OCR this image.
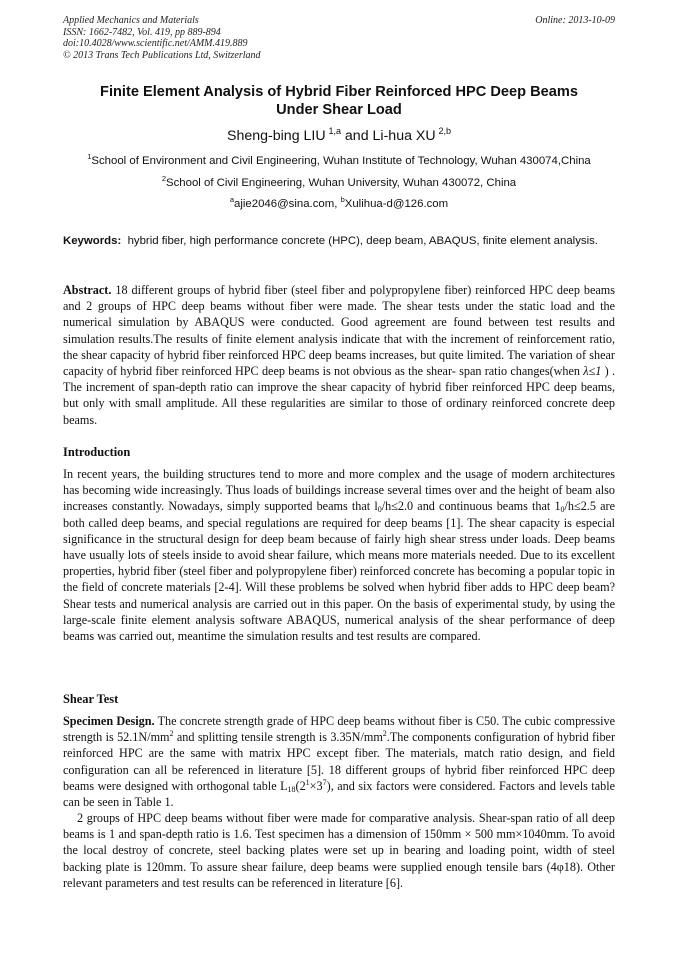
Applied Mechanics and Materials
ISSN: 1662-7482, Vol. 419, pp 889-894
doi:10.4028/www.scientific.net/AMM.419.889
© 2013 Trans Tech Publications Ltd, Switzerland
Online: 2013-10-09
Finite Element Analysis of Hybrid Fiber Reinforced HPC Deep Beams
Under Shear Load
Sheng-bing LIU  $^{1,a}$ and Li-hua XU  $^{2,b}$
$^1$School of Environment and Civil Engineering, Wuhan Institute of Technology, Wuhan 430074,China
$^2$School of Civil Engineering, Wuhan University, Wuhan 430072, China
$^a$ajie2046@sina.com, $^b$Xulihua-d@126.com
Keywords:  hybrid fiber, high performance concrete (HPC), deep beam, ABAQUS, finite element analysis.
Abstract. 18 different groups of hybrid fiber (steel fiber and polypropylene fiber) reinforced HPC deep beams and 2 groups of HPC deep beams without fiber were made. The shear tests under the static load and the numerical simulation by ABAQUS were conducted. Good agreement are found between test results and simulation results.The results of finite element analysis indicate that with the increment of reinforcement ratio, the shear capacity of hybrid fiber reinforced HPC deep beams increases, but quite limited. The variation of shear capacity of hybrid fiber reinforced HPC deep beams is not obvious as the shear- span ratio changes(when λ≤1 ) . The increment of span-depth ratio can improve the shear capacity of hybrid fiber reinforced HPC deep beams, but only with small amplitude. All these regularities are similar to those of ordinary reinforced concrete deep beams.
Introduction
In recent years, the building structures tend to more and more complex and the usage of modern architectures has becoming wide increasingly. Thus loads of buildings increase several times over and the height of beam also increases constantly. Nowadays, simply supported beams that $l_0/h\le 2.0$ and continuous beams that $1_0/h\le 2.5$ are both called deep beams, and special regulations are required for deep beams [1]. The shear capacity is especial significance in the structural design for deep beam because of fairly high shear stress under loads. Deep beams have usually lots of steels inside to avoid shear failure, which means more materials needed. Due to its excellent properties, hybrid fiber (steel fiber and polypropylene fiber) reinforced concrete has becoming a popular topic in the field of concrete materials [2-4]. Will these problems be solved when hybrid fiber adds to HPC deep beam? Shear tests and numerical analysis are carried out in this paper. On the basis of experimental study, by using the large-scale finite element analysis software ABAQUS, numerical analysis of the shear performance of deep beams was carried out, meantime the simulation results and test results are compared.
Shear Test
Specimen Design. The concrete strength grade of HPC deep beams without fiber is C50. The cubic compressive strength is $52.1N/mm^2$ and splitting tensile strength is $3.35N/mm^2.The$ components configuration of hybrid fiber reinforced HPC are the same with matrix HPC except fiber. The materials, match ratio design, and field configuration can all be referenced in literature [5]. 18 different groups of hybrid fiber reinforced HPC deep beams were designed with orthogonal table $L_{18}(2^1\times 3^7)$, and six factors were considered. Factors and levels table can be seen in Table 1.
2 groups of HPC deep beams without fiber were made for comparative analysis. Shear-span ratio of all deep beams is 1 and span-depth ratio is 1.6. Test specimen has a dimension of 150mm × 500 mm×1040mm. To avoid the local destroy of concrete, steel backing plates were set up in bearing and loading point, width of steel backing plate is 120mm. To assure shear failure, deep beams were supplied enough tensile bars (4φ18). Other relevant parameters and test results can be referenced in literature [6].
